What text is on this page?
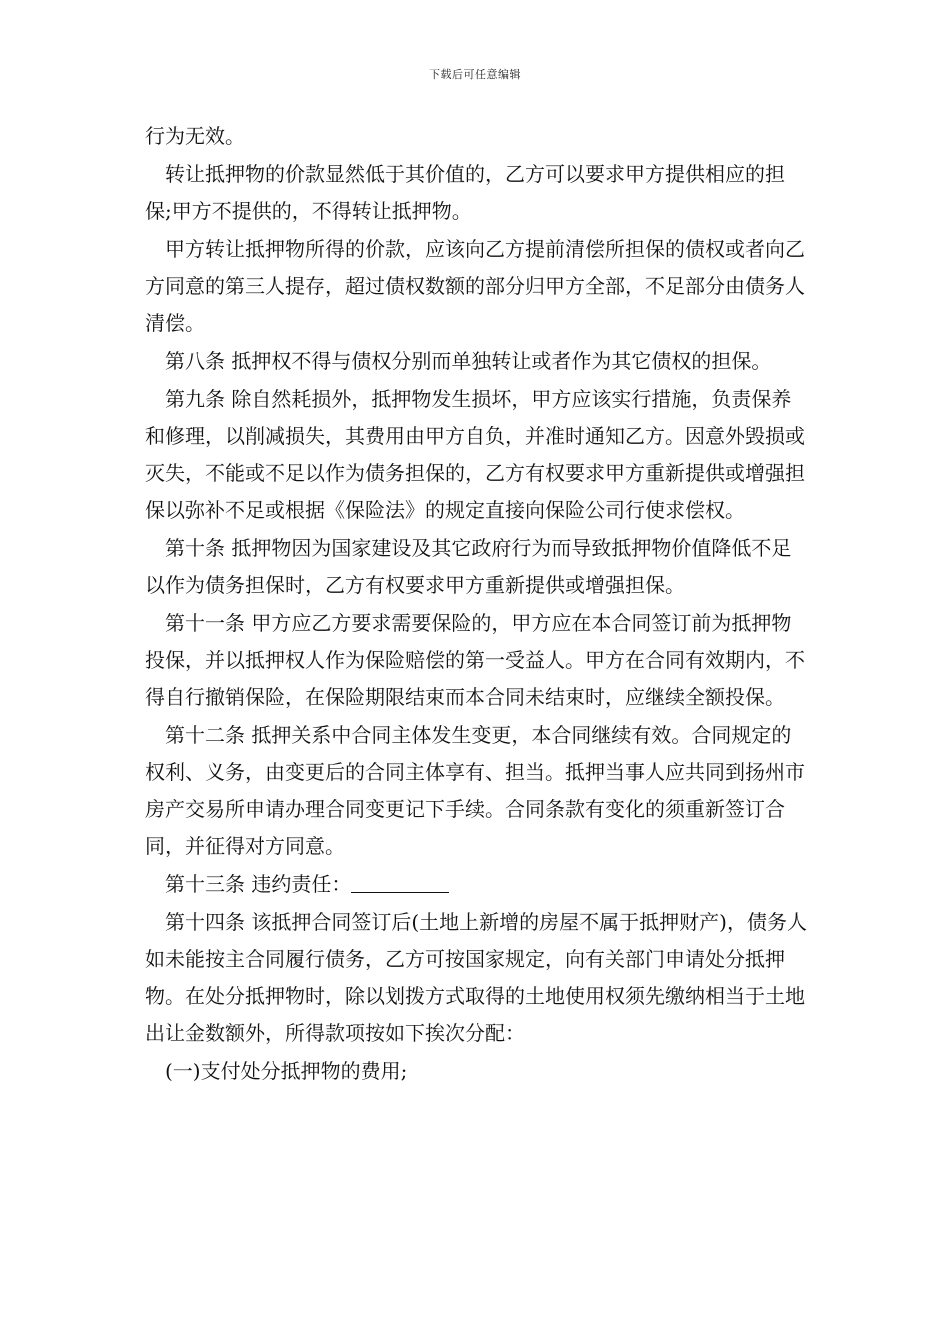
下载后可任意编辑

行为无效。

转让抵押物的价款显然低于其价值的，乙方可以要求甲方提供相应的担保;甲方不提供的，不得转让抵押物。

甲方转让抵押物所得的价款，应该向乙方提前清偿所担保的债权或者向乙方同意的第三人提存，超过债权数额的部分归甲方全部，不足部分由债务人清偿。

第八条 抵押权不得与债权分别而单独转让或者作为其它债权的担保。

第九条 除自然耗损外，抵押物发生损坏，甲方应该实行措施，负责保养和修理，以削减损失，其费用由甲方自负，并准时通知乙方。因意外毁损或灭失，不能或不足以作为债务担保的，乙方有权要求甲方重新提供或增强担保以弥补不足或根据《保险法》的规定直接向保险公司行使求偿权。

第十条 抵押物因为国家建设及其它政府行为而导致抵押物价值降低不足以作为债务担保时，乙方有权要求甲方重新提供或增强担保。

第十一条 甲方应乙方要求需要保险的，甲方应在本合同签订前为抵押物投保，并以抵押权人作为保险赔偿的第一受益人。甲方在合同有效期内，不得自行撤销保险，在保险期限结束而本合同未结束时，应继续全额投保。

第十二条 抵押关系中合同主体发生变更，本合同继续有效。合同规定的权利、义务，由变更后的合同主体享有、担当。抵押当事人应共同到扬州市房产交易所申请办理合同变更记下手续。合同条款有变化的须重新签订合同，并征得对方同意。

第十三条 违约责任：

第十四条 该抵押合同签订后(土地上新增的房屋不属于抵押财产)，债务人如未能按主合同履行债务，乙方可按国家规定，向有关部门申请处分抵押物。在处分抵押物时，除以划拨方式取得的土地使用权须先缴纳相当于土地出让金数额外，所得款项按如下挨次分配：

(一)支付处分抵押物的费用;
